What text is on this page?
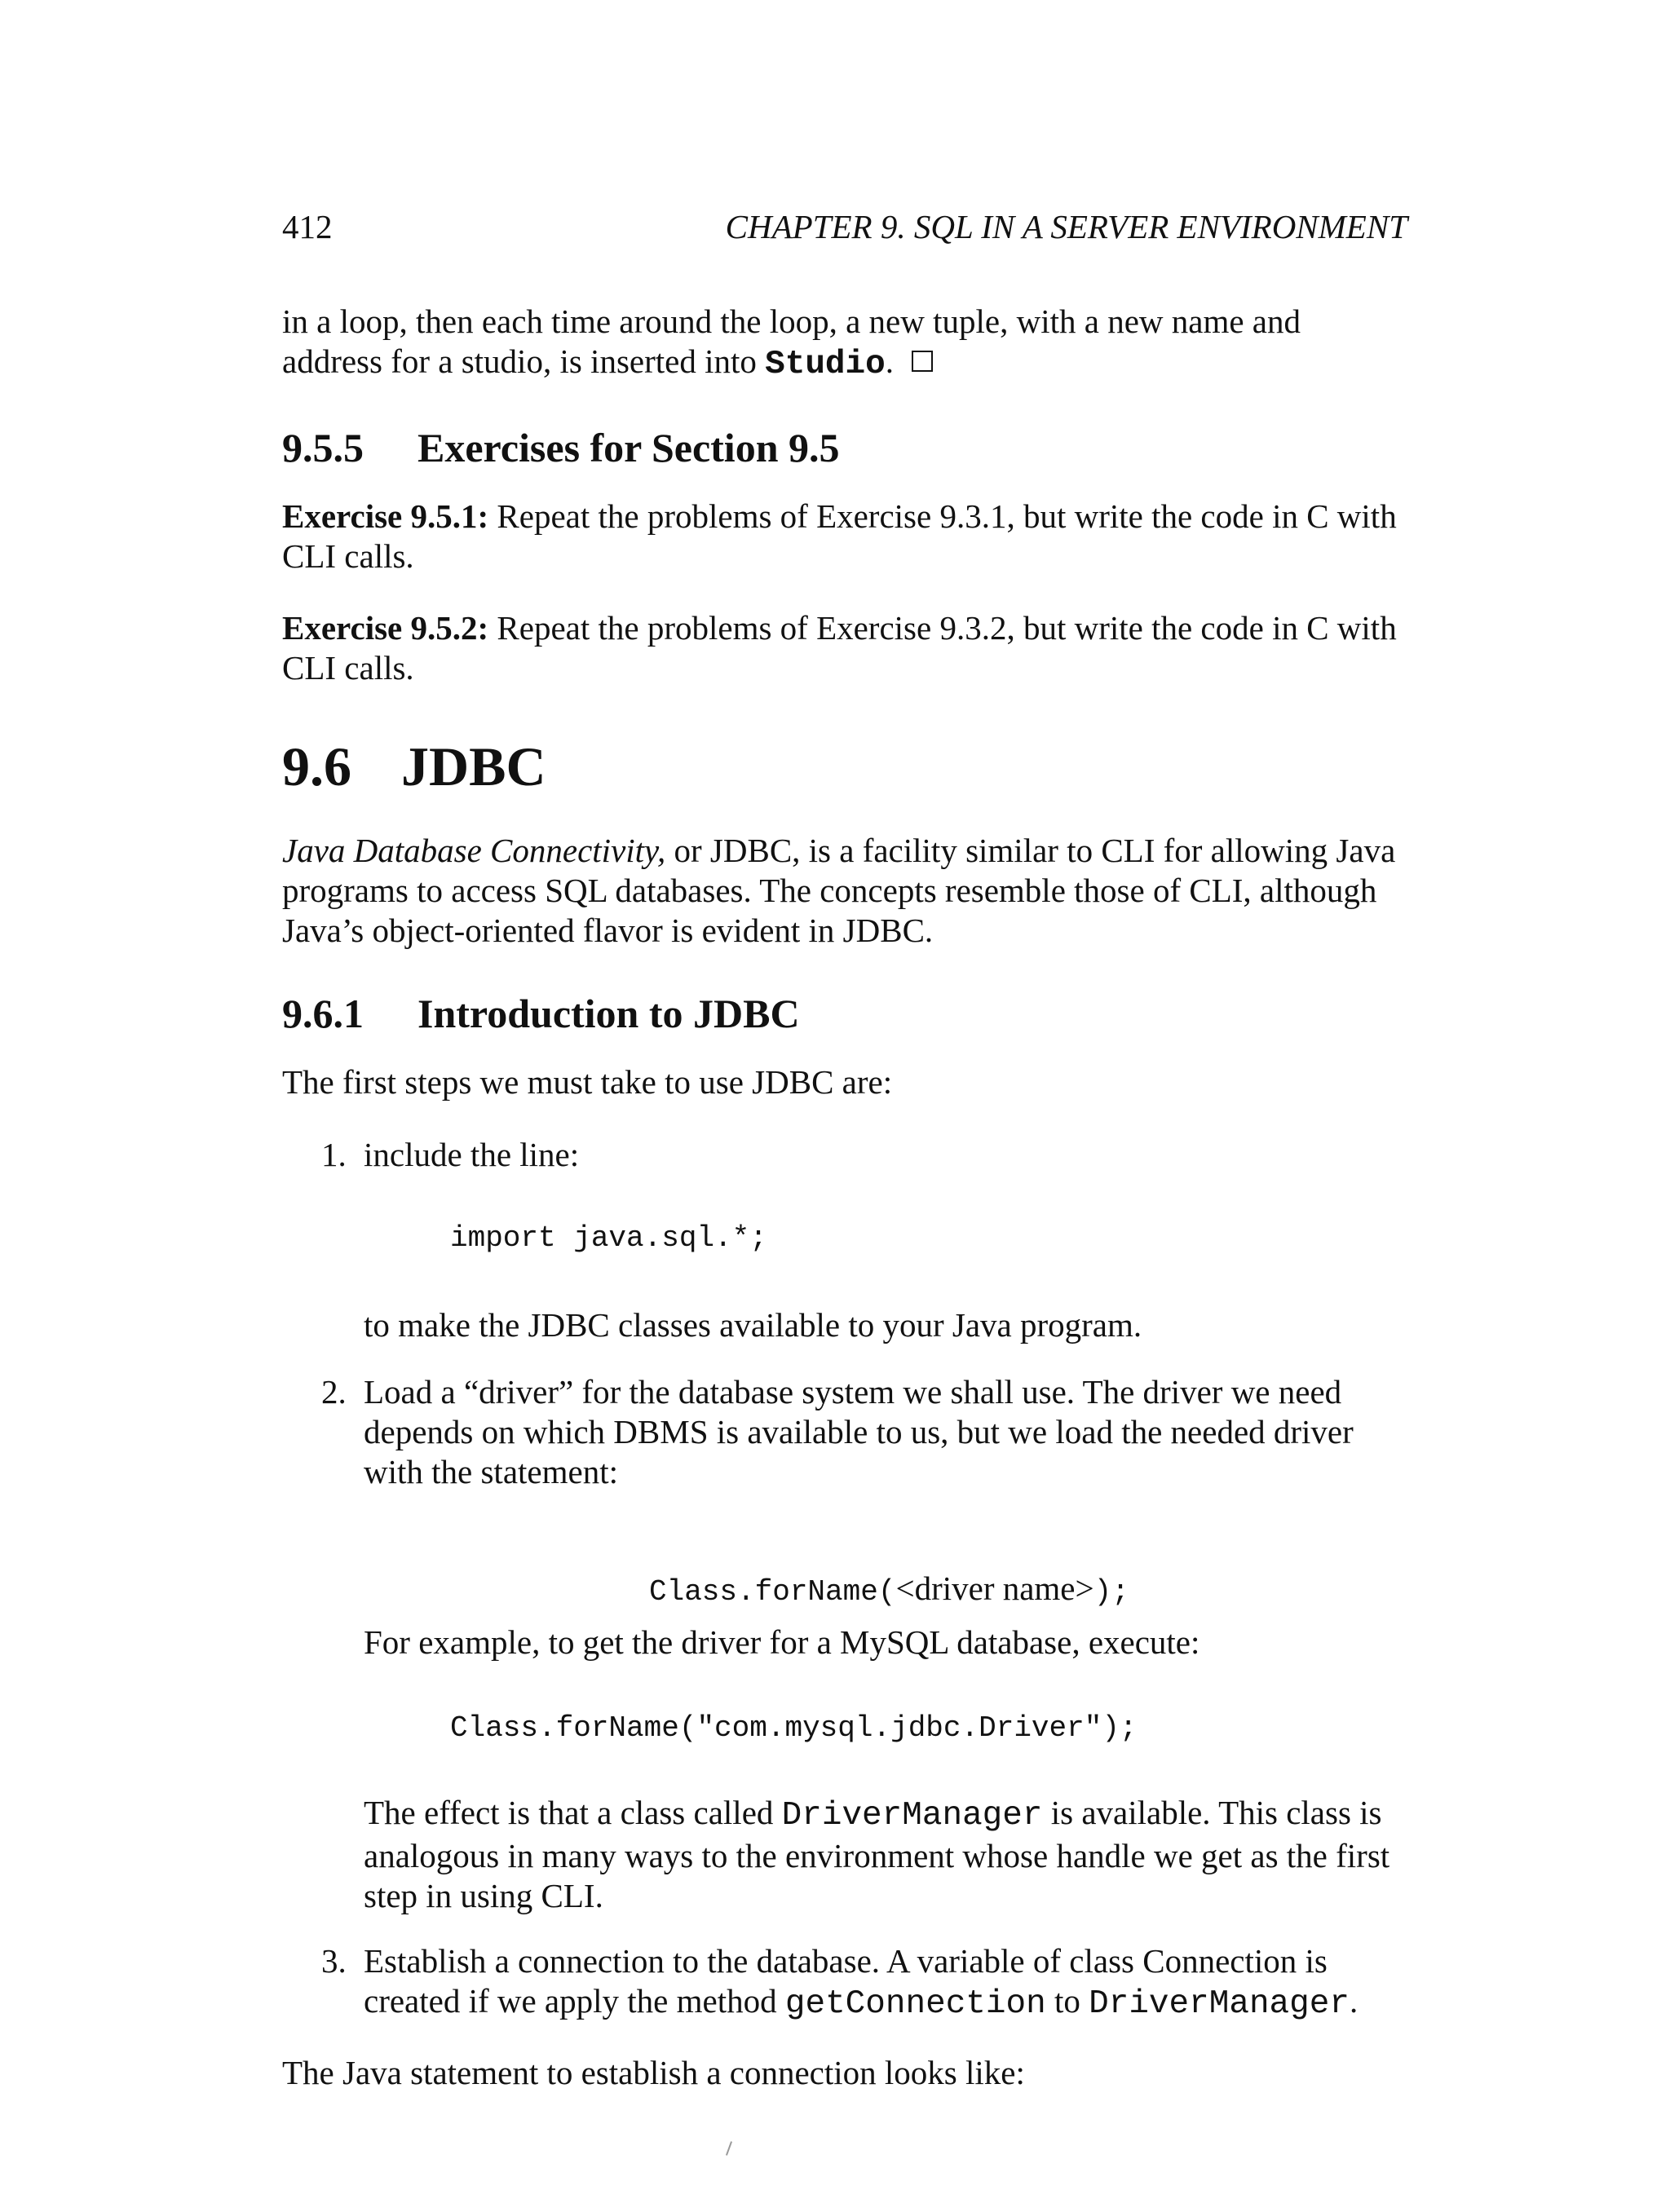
412	CHAPTER 9. SQL IN A SERVER ENVIRONMENT
in a loop, then each time around the loop, a new tuple, with a new name and address for a studio, is inserted into Studio.
9.5.5 Exercises for Section 9.5
Exercise 9.5.1: Repeat the problems of Exercise 9.3.1, but write the code in C with CLI calls.
Exercise 9.5.2: Repeat the problems of Exercise 9.3.2, but write the code in C with CLI calls.
9.6 JDBC
Java Database Connectivity, or JDBC, is a facility similar to CLI for allowing Java programs to access SQL databases. The concepts resemble those of CLI, although Java’s object-oriented flavor is evident in JDBC.
9.6.1 Introduction to JDBC
The first steps we must take to use JDBC are:
1. include the line:
import java.sql.*;
to make the JDBC classes available to your Java program.
2. Load a “driver” for the database system we shall use. The driver we need depends on which DBMS is available to us, but we load the needed driver with the statement:

Class.forName(<driver name>);

For example, to get the driver for a MySQL database, execute:
Class.forName("com.mysql.jdbc.Driver");
The effect is that a class called DriverManager is available. This class is analogous in many ways to the environment whose handle we get as the first step in using CLI.
3. Establish a connection to the database. A variable of class Connection is created if we apply the method getConnection to DriverManager.
The Java statement to establish a connection looks like:
